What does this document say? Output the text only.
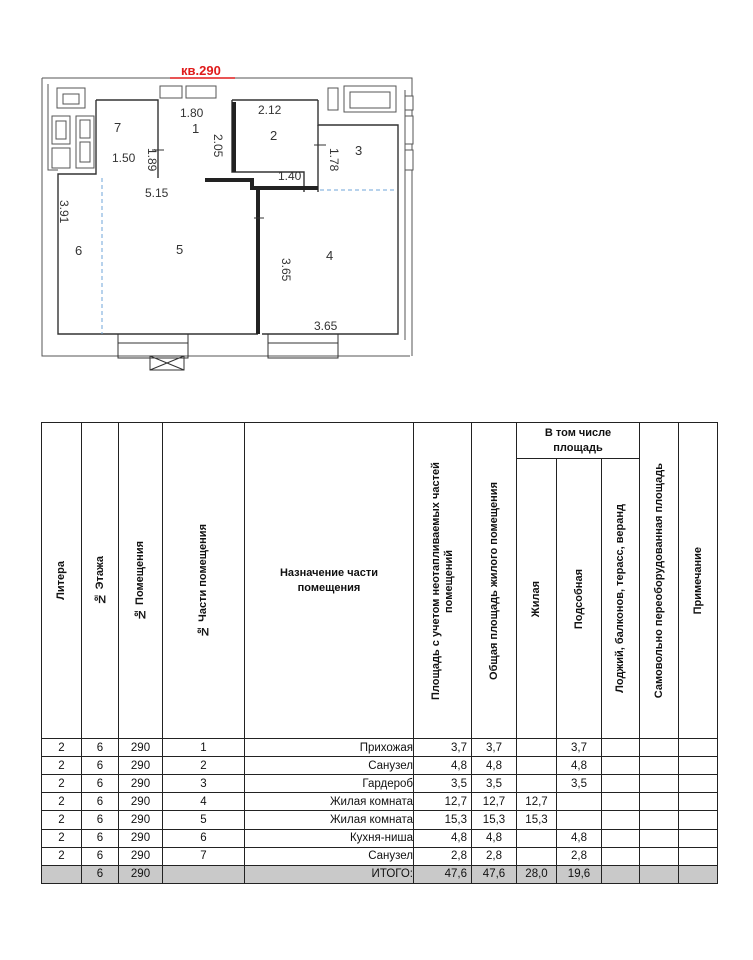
кв.290
7	1	2
3
6	5	4
1.80	2.12
1.89
2.05
1.78
1.50
1.40
5.15
3.91
3.65
3.65
Литера	№ Этажа	№ Помещения	№ Части помещения	Назначение части помещения	Площадь с учетом неотапливаемых частей помещений	Общая площадь жилого помещения	В том числе площадь			Самовольно переоборудованная площадь	Примечание

							Жилая	Подсобная	Лоджий, балконов, терасс, веранд		

2	6	290	1	Прихожая	3,7	3,7		3,7			
2	6	290	2	Санузел	4,8	4,8		4,8			
2	6	290	3	Гардероб	3,5	3,5		3,5			
2	6	290	4	Жилая комната	12,7	12,7	12,7				
2	6	290	5	Жилая комната	15,3	15,3	15,3				
2	6	290	6	Кухня-ниша	4,8	4,8		4,8			
2	6	290	7	Санузел	2,8	2,8		2,8			
	6	290		ИТОГО:	47,6	47,6	28,0	19,6			
